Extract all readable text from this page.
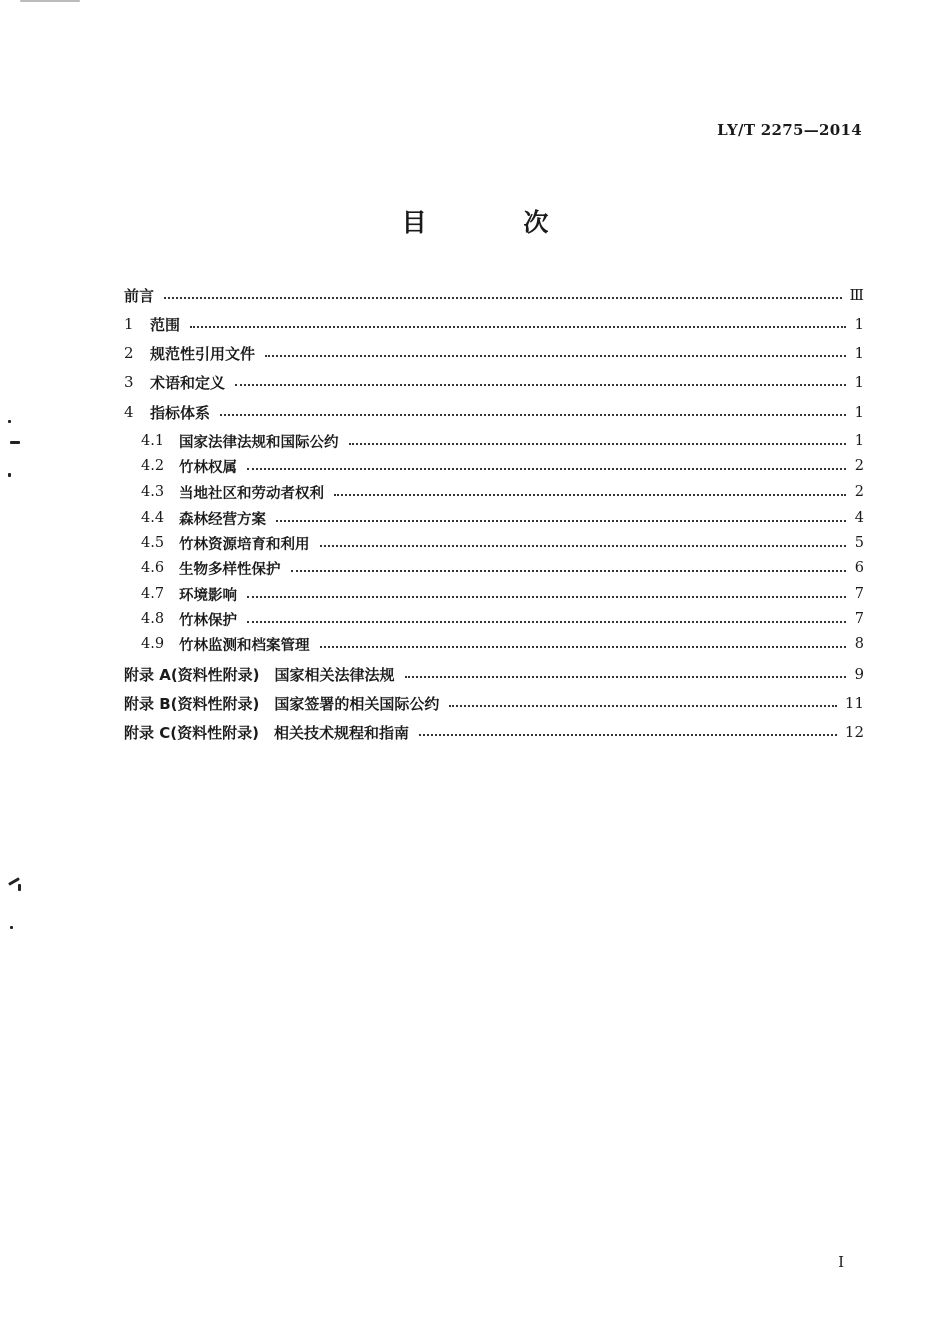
LY/T 2275—2014
目 次
前言	Ⅲ
1	范围	1
2	规范性引用文件	1
3	术语和定义	1
4	指标体系	1
4.1	国家法律法规和国际公约	1
4.2	竹林权属	2
4.3	当地社区和劳动者权利	2
4.4	森林经营方案	4
4.5	竹林资源培育和利用	5
4.6	生物多样性保护	6
4.7	环境影响	7
4.8	竹林保护	7
4.9	竹林监测和档案管理	8
附录 A(资料性附录)　国家相关法律法规	9
附录 B(资料性附录)　国家签署的相关国际公约	11
附录 C(资料性附录)　相关技术规程和指南	12
I
